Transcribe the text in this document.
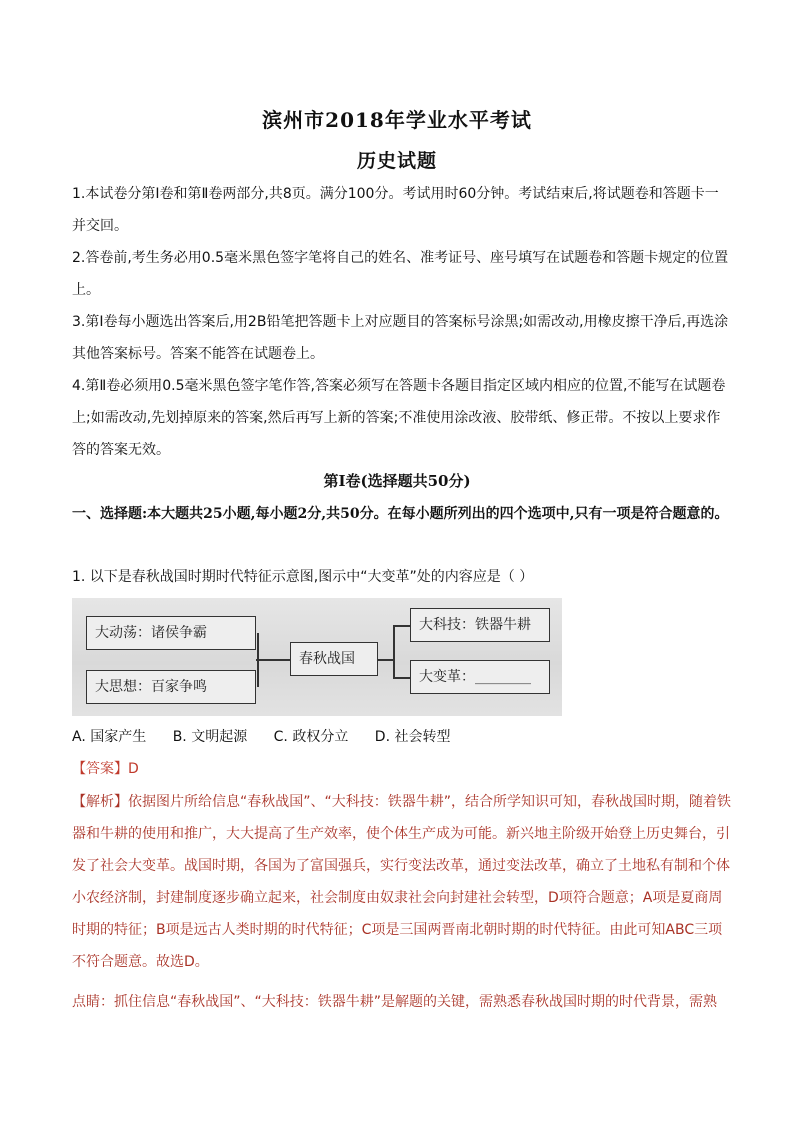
滨州市2018年学业水平考试
历史试题

1.本试卷分第Ⅰ卷和第Ⅱ卷两部分,共8页。满分100分。考试用时60分钟。考试结束后,将试题卷和答题卡一并交回。

2.答卷前,考生务必用0.5毫米黑色签字笔将自己的姓名、准考证号、座号填写在试题卷和答题卡规定的位置上。

3.第Ⅰ卷每小题选出答案后,用2B铅笔把答题卡上对应题目的答案标号涂黑;如需改动,用橡皮擦干净后,再选涂其他答案标号。答案不能答在试题卷上。

4.第Ⅱ卷必须用0.5毫米黑色签字笔作答,答案必须写在答题卡各题目指定区域内相应的位置,不能写在试题卷上;如需改动,先划掉原来的答案,然后再写上新的答案;不准使用涂改液、胶带纸、修正带。不按以上要求作答的答案无效。

第Ⅰ卷(选择题共50分)

一、选择题:本大题共25小题,每小题2分,共50分。在每小题所列出的四个选项中,只有一项是符合题意的。

1. 以下是春秋战国时期时代特征示意图,图示中“大变革”处的内容应是（ ）

大动荡：诸侯争霸
大思想：百家争鸣
春秋战国
大科技：铁器牛耕
大变革：________

A. 国家产生 B. 文明起源 C. 政权分立 D. 社会转型

【答案】D

【解析】依据图片所给信息“春秋战国”、“大科技：铁器牛耕”，结合所学知识可知，春秋战国时期，随着铁器和牛耕的使用和推广，大大提高了生产效率，使个体生产成为可能。新兴地主阶级开始登上历史舞台，引发了社会大变革。战国时期，各国为了富国强兵，实行变法改革，通过变法改革，确立了土地私有制和个体小农经济制，封建制度逐步确立起来，社会制度由奴隶社会向封建社会转型，D项符合题意；A项是夏商周时期的特征；B项是远古人类时期的时代特征；C项是三国两晋南北朝时期的时代特征。由此可知ABC三项不符合题意。故选D。

点睛：抓住信息“春秋战国”、“大科技：铁器牛耕”是解题的关键，需熟悉春秋战国时期的时代背景，需熟
